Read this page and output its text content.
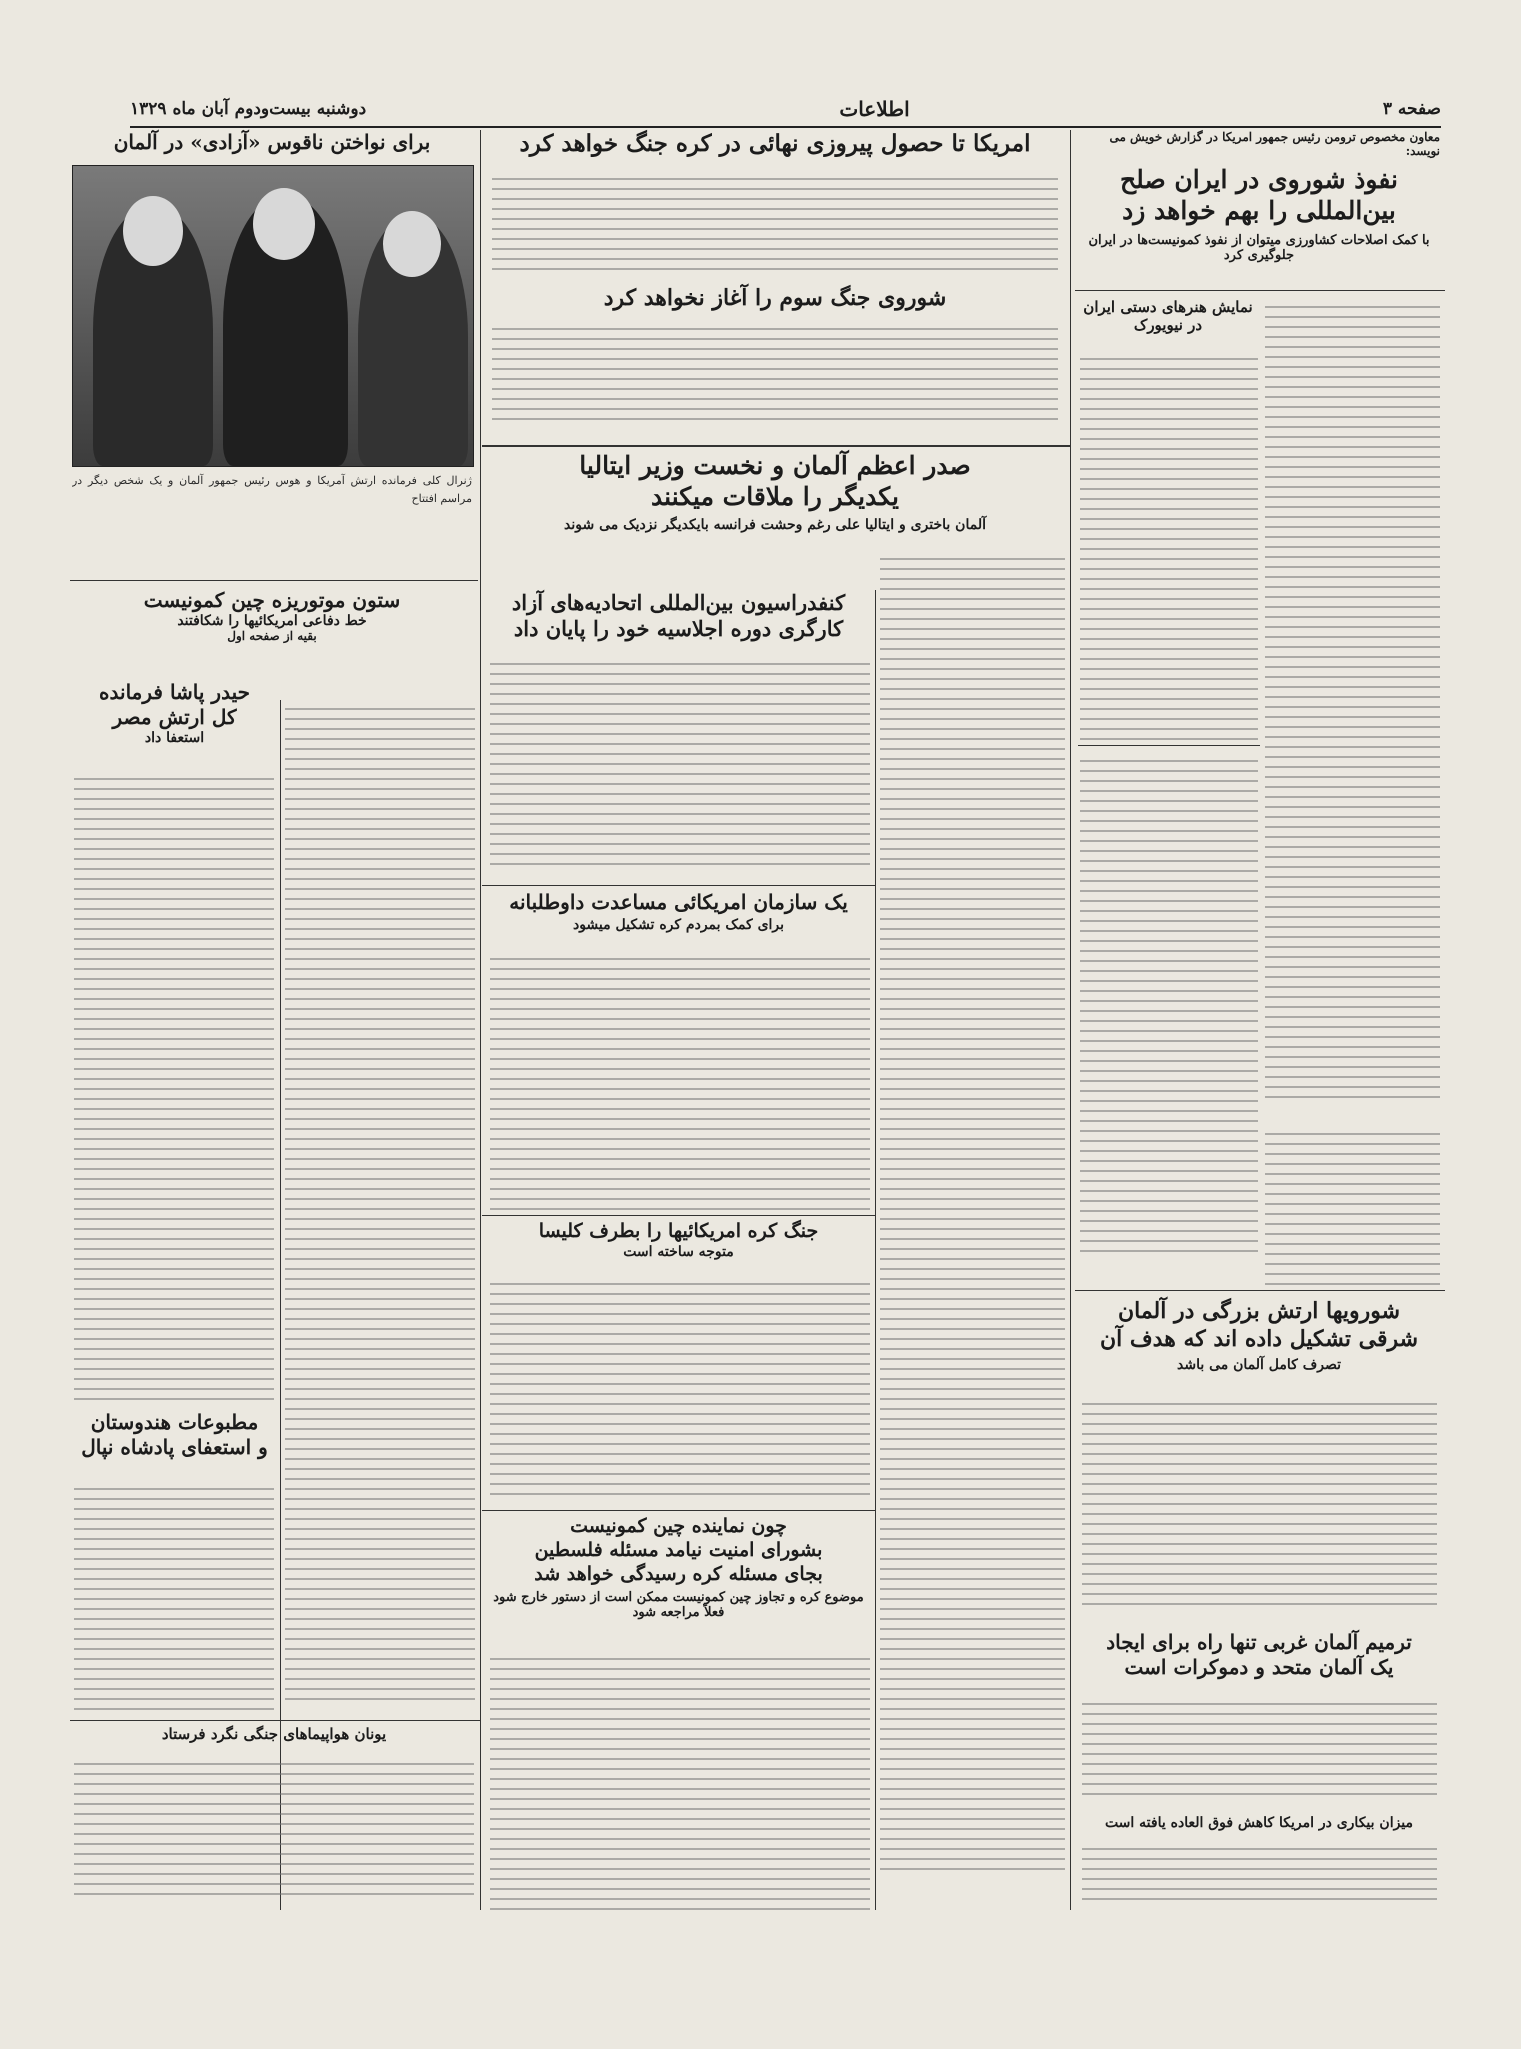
صفحه ۳
اطلاعات
دوشنبه بیست‌ودوم آبان ماه ۱۳۲۹
معاون مخصوص ترومن رئیس جمهور امریکا در گزارش خویش می نویسد:
نفوذ شوروی در ایران صلح
بین‌المللی را بهم خواهد زد
با کمک اصلاحات کشاورزی میتوان از نفوذ کمونیست‌ها در ایران جلوگیری کرد
نمایش هنرهای دستی ایران
در نیویورک
شورویها ارتش بزرگی در آلمان
شرقی تشکیل داده اند که هدف آن
تصرف کامل آلمان می باشد
ترمیم آلمان غربی تنها راه برای ایجاد
یک آلمان متحد و دموکرات است
میزان بیکاری در امریکا کاهش فوق العاده یافته است
امریکا تا حصول پیروزی نهائی در کره جنگ خواهد کرد
شوروی جنگ سوم را آغاز نخواهد کرد
صدر اعظم آلمان و نخست وزیر ایتالیا
یکدیگر را ملاقات میکنند
آلمان باختری و ایتالیا علی رغم وحشت فرانسه بایکدیگر نزدیک می شوند
کنفدراسیون بین‌المللی اتحادیه‌های آزاد
کارگری دوره اجلاسیه خود را پایان داد
یک سازمان امریکائی مساعدت داوطلبانه
برای کمک بمردم کره تشکیل میشود
جنگ کره امریکائیها را بطرف کلیسا
متوجه ساخته است
چون نماینده چین کمونیست
بشورای امنیت نیامد مسئله فلسطین
بجای مسئله کره رسیدگی خواهد شد
موضوع کره و تجاوز چین کمونیست ممکن است از دستور خارج شود
فعلاً مراجعه شود
برای نواختن ناقوس «آزادی» در آلمان
ژنرال کلی فرمانده ارتش آمریکا و هوس رئیس جمهور آلمان و یک شخص دیگر در مراسم افتتاح
ستون موتوریزه چین کمونیست
خط دفاعی امریکائیها را شکافتند
بقیه از صفحه اول
حیدر پاشا فرمانده
کل ارتش مصر
استعفا داد
مطبوعات هندوستان
و استعفای پادشاه نپال
یونان هواپیماهای جنگی نگرد فرستاد
